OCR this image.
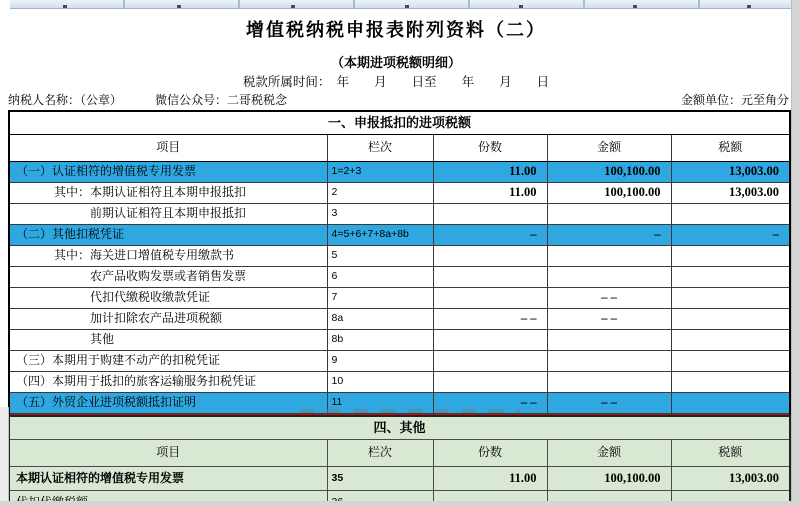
增值税纳税申报表附列资料（二）
（本期进项税额明细）
税款所属时间：　年　　月　　日至　　年　　月　　日
纳税人名称：（公章）	微信公众号：二哥税税念	金额单位：元至角分
一、申报抵扣的进项税额				
项目	栏次	份数	金额	税额
（一）认证相符的增值税专用发票	1=2+3	11.00	100,100.00	13,003.00
其中：本期认证相符且本期申报抵扣	2	11.00	100,100.00	13,003.00
前期认证相符且本期申报抵扣	3			
（二）其他扣税凭证	4=5+6+7+8a+8b	–	–	–
其中：海关进口增值税专用缴款书	5			
农产品收购发票或者销售发票	6			
代扣代缴税收缴款凭证	7		– –	
加计扣除农产品进项税额	8a	– –	– –	
其他	8b			
（三）本期用于购建不动产的扣税凭证	9			
（四）本期用于抵扣的旅客运输服务扣税凭证	10			
（五）外贸企业进项税额抵扣证明	11	– –	– –	

四、其他				
项目	栏次	份数	金额	税额
本期认证相符的增值税专用发票	35	11.00	100,100.00	13,003.00
